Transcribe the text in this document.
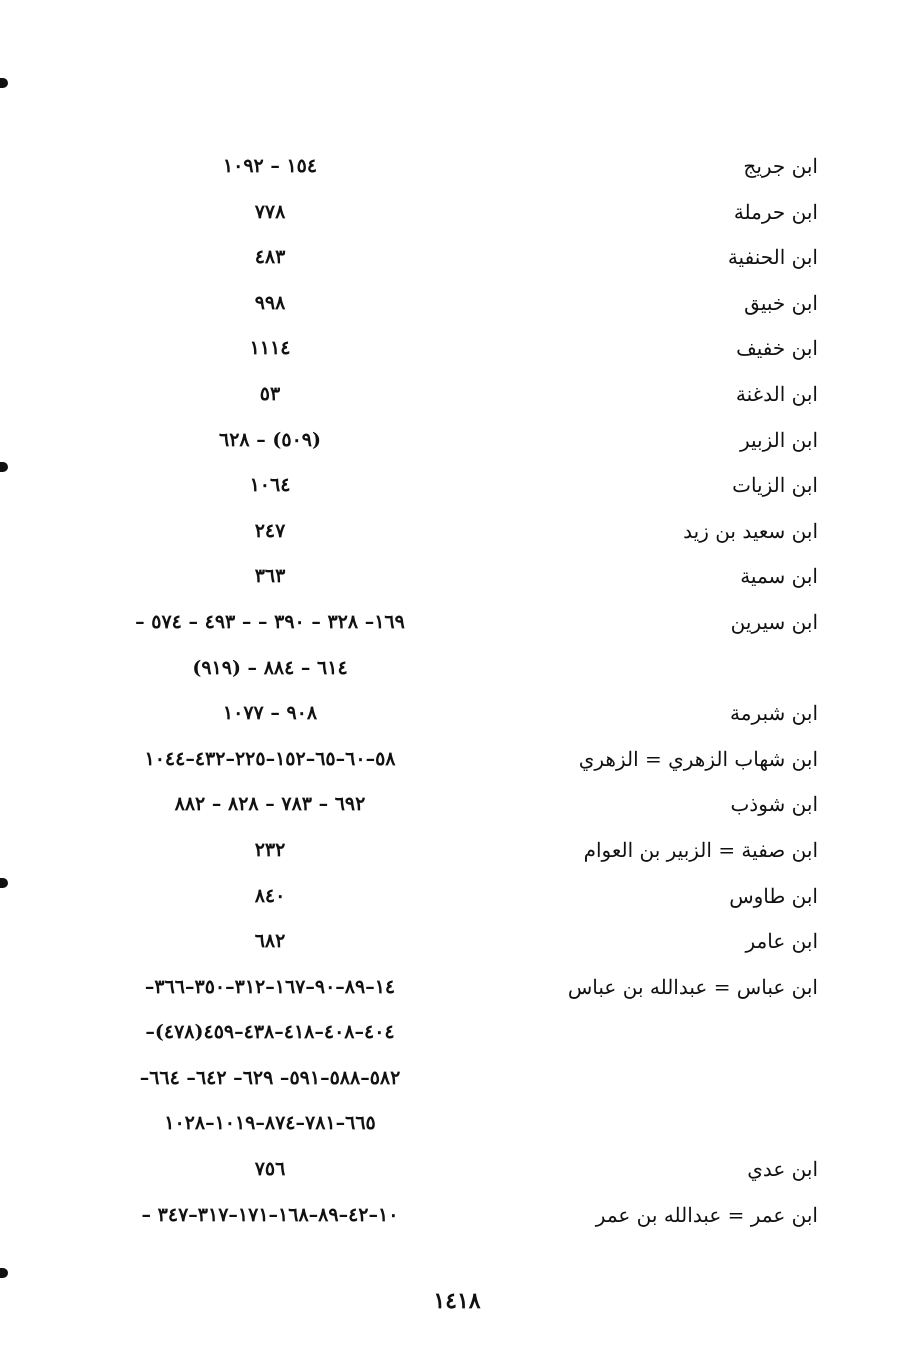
ابن جريج
١٥٤ – ١٠٩٢
ابن حرملة
٧٧٨
ابن الحنفية
٤٨٣
ابن خبيق
٩٩٨
ابن خفيف
١١١٤
ابن الدغنة
٥٣
ابن الزبير
(٥٠٩) – ٦٢٨
ابن الزيات
١٠٦٤
ابن سعيد بن زيد
٢٤٧
ابن سمية
٣٦٣
ابن سيرين
١٦٩– ٣٢٨ – ٣٩٠ – – ٤٩٣ – ٥٧٤ –
٦١٤ – ٨٨٤ – (٩١٩)
ابن شبرمة
٩٠٨ – ١٠٧٧
ابن شهاب الزهري = الزهري
٥٨–٦٠–٦٥–١٥٢–٢٢٥–٤٣٢–١٠٤٤
ابن شوذب
٦٩٢ – ٧٨٣ – ٨٢٨ – ٨٨٢
ابن صفية = الزبير بن العوام
٢٣٢
ابن طاوس
٨٤٠
ابن عامر
٦٨٢
ابن عباس = عبدالله بن عباس
١٤–٨٩–٩٠–١٦٧–٣١٢–٣٥٠–٣٦٦–
٤٠٤–٤٠٨–٤١٨–٤٣٨–٤٥٩(٤٧٨)–
٥٨٢–٥٨٨–٥٩١– ٦٢٩– ٦٤٢– ٦٦٤–
٦٦٥–٧٨١–٨٧٤–١٠١٩–١٠٢٨
ابن عدي
٧٥٦
ابن عمر = عبدالله بن عمر
١٠–٤٢–٨٩–١٦٨–١٧١–٣١٧–٣٤٧ –
١٤١٨
